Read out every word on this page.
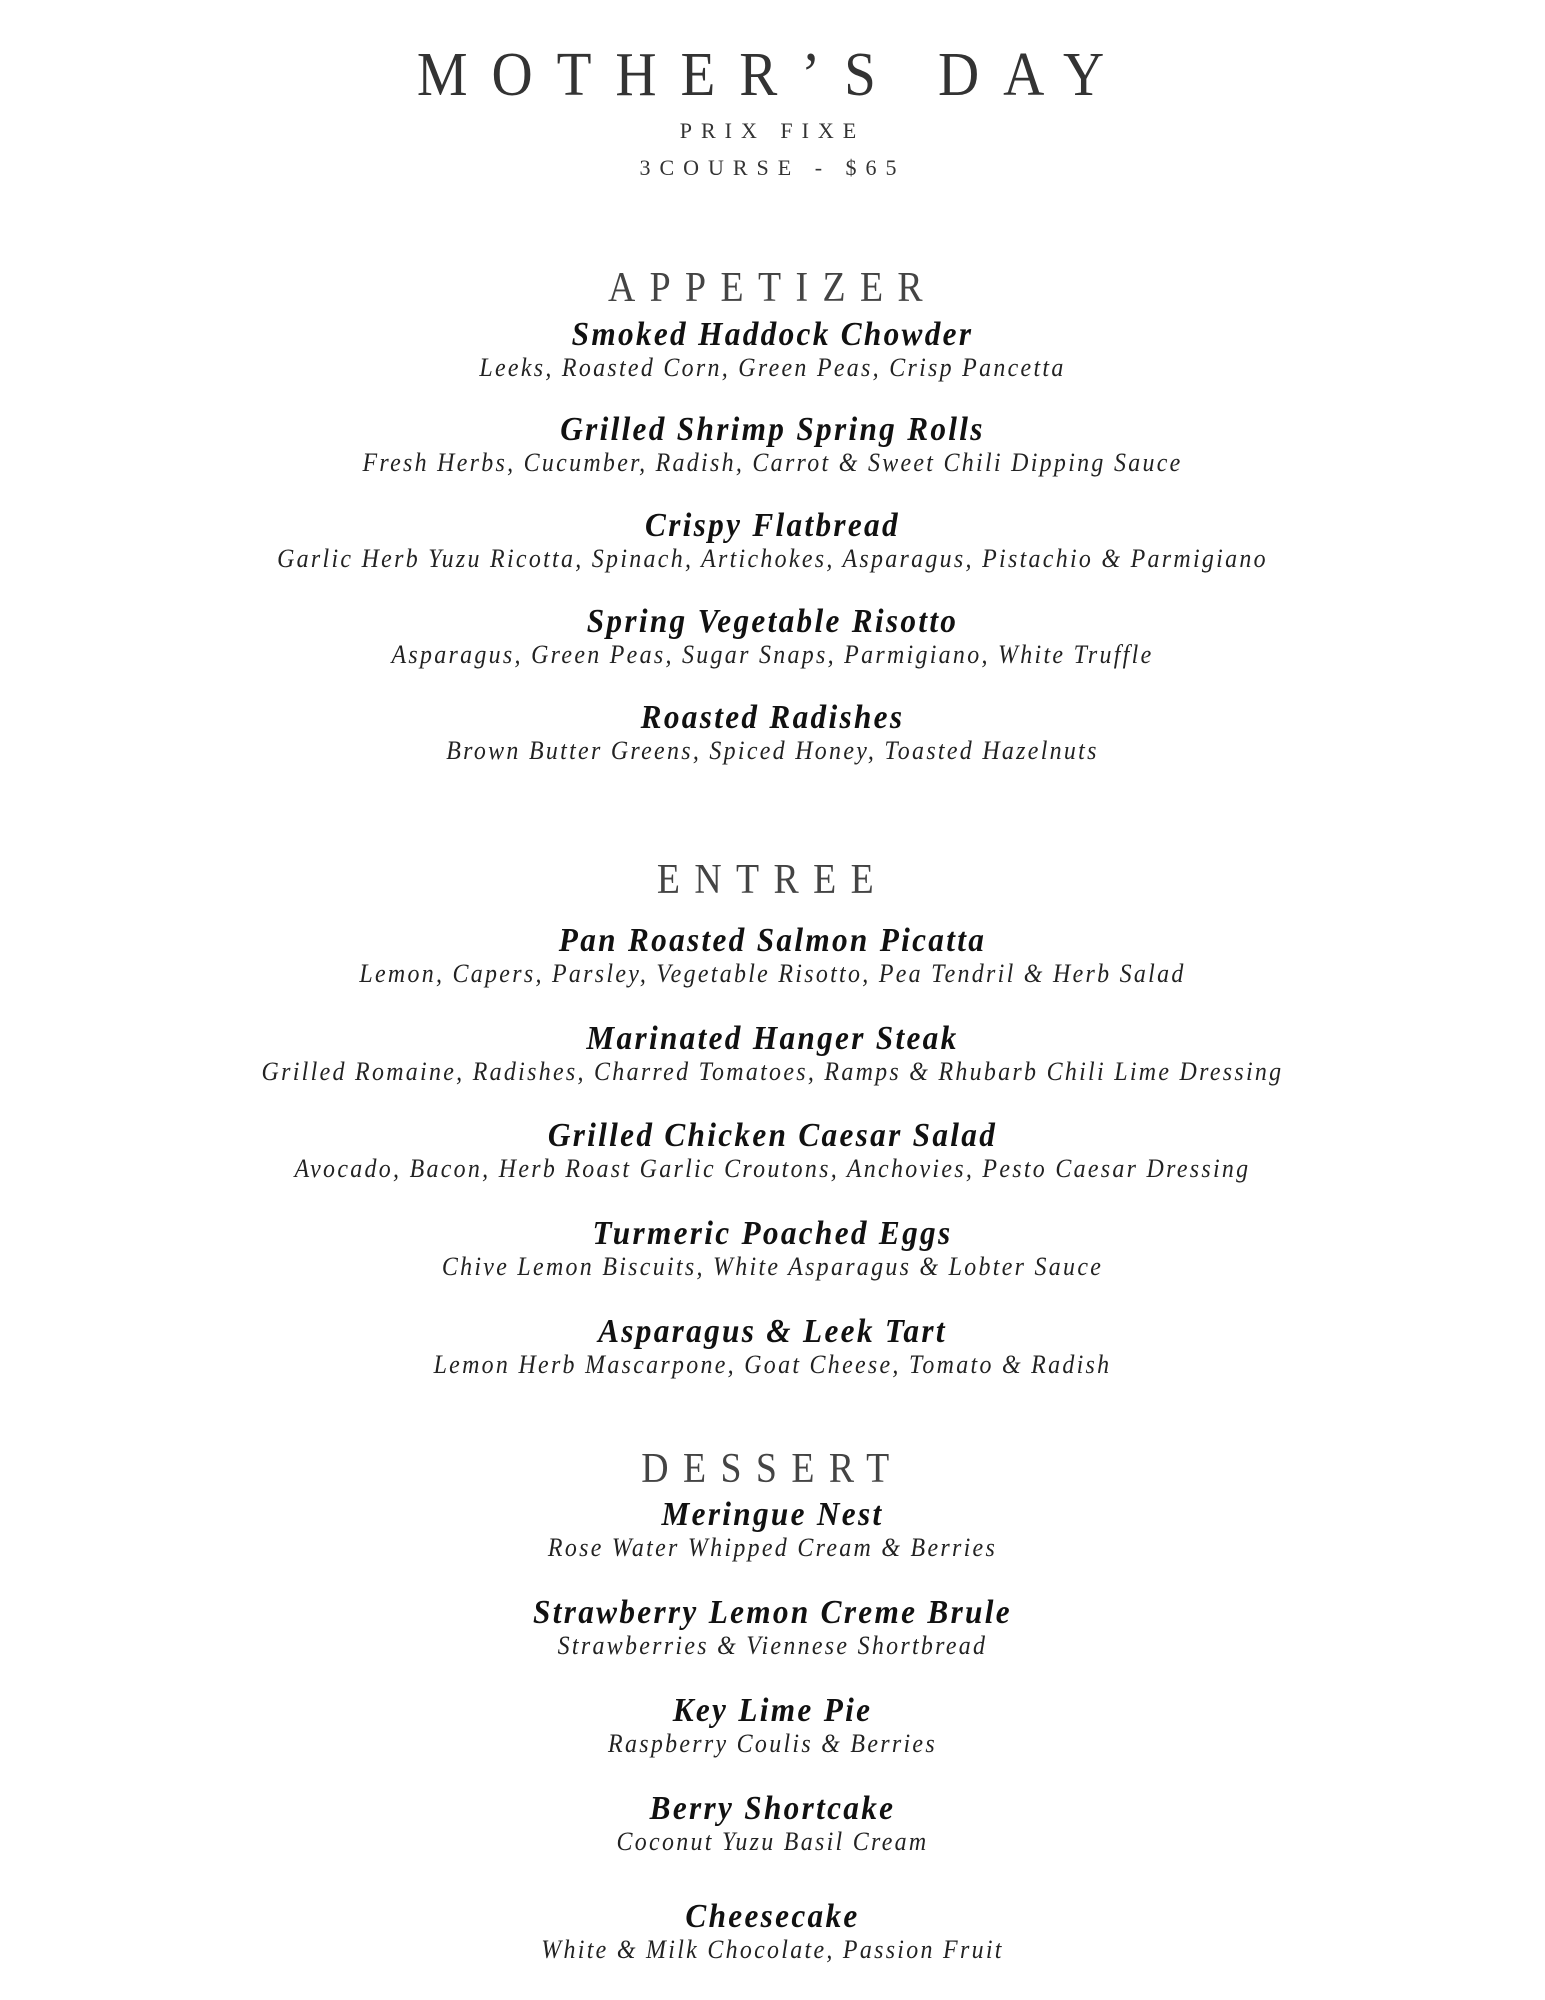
MOTHER’S DAY
PRIX FIXE
3COURSE - $65
APPETIZER
Smoked Haddock Chowder
Leeks, Roasted Corn, Green Peas, Crisp Pancetta
Grilled Shrimp Spring Rolls
Fresh Herbs, Cucumber, Radish, Carrot & Sweet Chili Dipping Sauce
Crispy Flatbread
Garlic Herb Yuzu Ricotta, Spinach, Artichokes, Asparagus, Pistachio & Parmigiano
Spring Vegetable Risotto
Asparagus, Green Peas, Sugar Snaps, Parmigiano, White Truffle
Roasted Radishes
Brown Butter Greens, Spiced Honey, Toasted Hazelnuts
ENTREE
Pan Roasted Salmon Picatta
Lemon, Capers, Parsley, Vegetable Risotto, Pea Tendril & Herb Salad
Marinated Hanger Steak
Grilled Romaine, Radishes, Charred Tomatoes, Ramps & Rhubarb Chili Lime Dressing
Grilled Chicken Caesar Salad
Avocado, Bacon, Herb Roast Garlic Croutons, Anchovies, Pesto Caesar Dressing
Turmeric Poached Eggs
Chive Lemon Biscuits, White Asparagus & Lobter Sauce
Asparagus & Leek Tart
Lemon Herb Mascarpone, Goat Cheese, Tomato & Radish
DESSERT
Meringue Nest
Rose Water Whipped Cream & Berries
Strawberry Lemon Creme Brule
Strawberries & Viennese Shortbread
Key Lime Pie
Raspberry Coulis & Berries
Berry Shortcake
Coconut Yuzu Basil Cream
Cheesecake
White & Milk Chocolate, Passion Fruit
